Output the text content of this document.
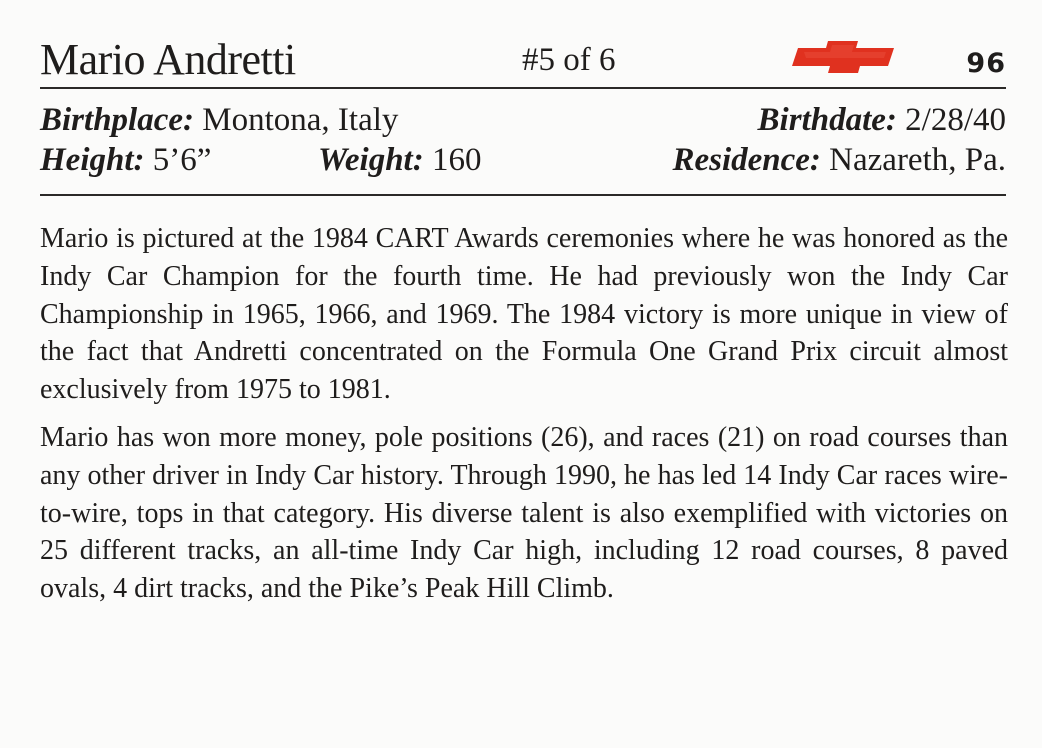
Mario Andretti	#5 of 6	96
Birthplace: Montona, Italy	Birthdate: 2/28/40
Height: 5’6”	Weight: 160	Residence: Nazareth, Pa.

Mario is pictured at the 1984 CART Awards ceremonies where he was honored as the Indy Car Champion for the fourth time. He had previously won the Indy Car Championship in 1965, 1966, and 1969. The 1984 victory is more unique in view of the fact that Andretti concentrated on the Formula One Grand Prix circuit almost exclusively from 1975 to 1981.

Mario has won more money, pole positions (26), and races (21) on road courses than any other driver in Indy Car history. Through 1990, he has led 14 Indy Car races wire-to-wire, tops in that category. His diverse talent is also exemplified with victories on 25 different tracks, an all-time Indy Car high, including 12 road courses, 8 paved ovals, 4 dirt tracks, and the Pike’s Peak Hill Climb.
